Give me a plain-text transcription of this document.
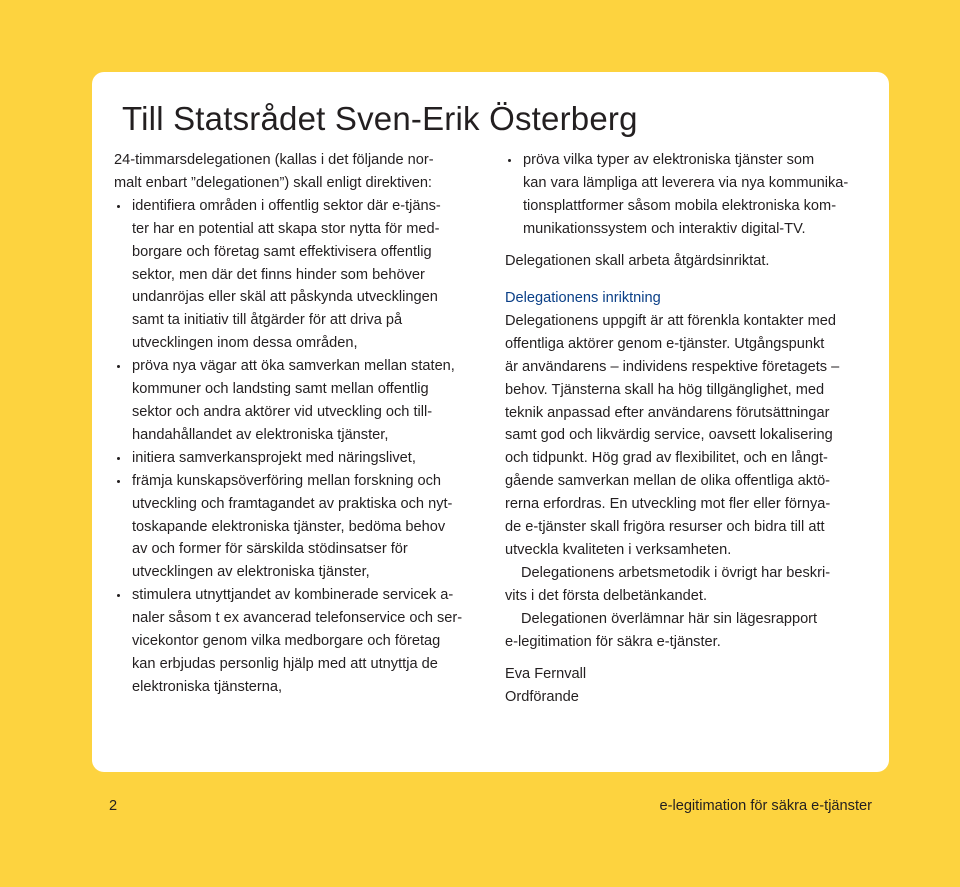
Till Statsrådet Sven-Erik Österberg
24-timmarsdelegationen (kallas i det följande nor-
malt enbart ”delegationen”) skall enligt direktiven:
identifiera områden i offentlig sektor där e-tjäns-
ter har en potential att skapa stor nytta för med-
borgare och företag samt effektivisera offentlig
sektor, men där det finns hinder som behöver
undanröjas eller skäl att påskynda utvecklingen
samt ta initiativ till åtgärder för att driva på
utvecklingen inom dessa områden,
pröva nya vägar att öka samverkan mellan staten,
kommuner och landsting samt mellan offentlig
sektor och andra aktörer vid utveckling och till-
handahållandet av elektroniska tjänster,
initiera samverkansprojekt med näringslivet,
främja kunskapsöverföring mellan forskning och
utveckling och framtagandet av praktiska och nyt-
toskapande elektroniska tjänster, bedöma behov
av och former för särskilda stödinsatser för
utvecklingen av elektroniska tjänster,
stimulera utnyttjandet av kombinerade servicek a-
naler såsom t ex avancerad telefonservice och ser-
vicekontor genom vilka medborgare och företag
kan erbjudas personlig hjälp med att utnyttja de
elektroniska tjänsterna,
pröva vilka typer av elektroniska tjänster som
kan vara lämpliga att leverera via nya kommunika-
tionsplattformer såsom mobila elektroniska kom-
munikationssystem och interaktiv digital-TV.
Delegationen skall arbeta åtgärdsinriktat.
Delegationens inriktning
Delegationens uppgift är att förenkla kontakter med
offentliga aktörer genom e-tjänster. Utgångspunkt
är användarens – individens respektive företagets –
behov. Tjänsterna skall ha hög tillgänglighet, med
teknik anpassad efter användarens förutsättningar
samt god och likvärdig service, oavsett lokalisering
och tidpunkt. Hög grad av flexibilitet, och en långt-
gående samverkan mellan de olika offentliga aktö-
rerna erfordras. En utveckling mot fler eller förnya-
de e-tjänster skall frigöra resurser och bidra till att
utveckla kvaliteten i verksamheten.
Delegationens arbetsmetodik i övrigt har beskri-
vits i det första delbetänkandet.
Delegationen överlämnar här sin lägesrapport
e-legitimation för säkra e-tjänster.
Eva Fernvall
Ordförande
2	e-legitimation för säkra e-tjänster
